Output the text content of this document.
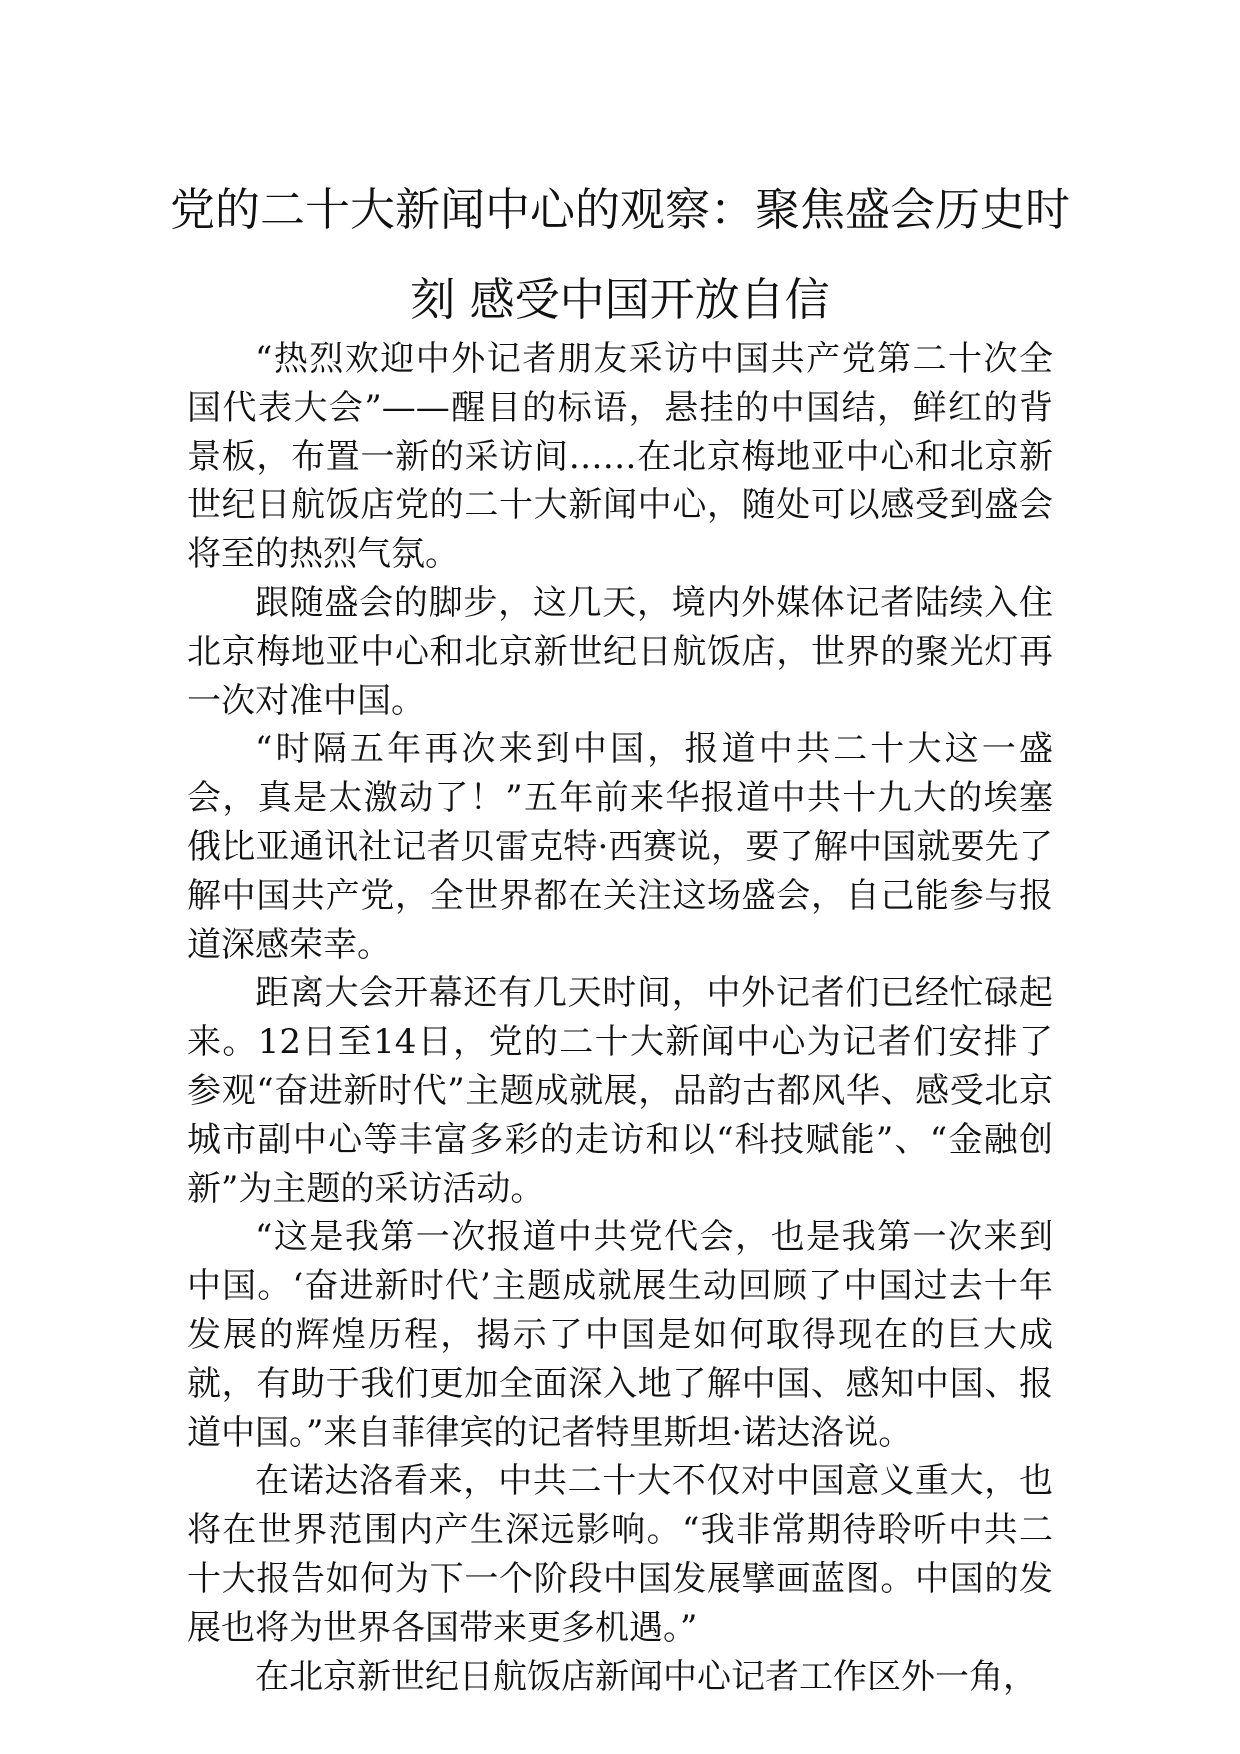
党的二十大新闻中心的观察：聚焦盛会历史时刻 感受中国开放自信

“热烈欢迎中外记者朋友采访中国共产党第二十次全国代表大会”——醒目的标语，悬挂的中国结，鲜红的背景板，布置一新的采访间……在北京梅地亚中心和北京新世纪日航饭店党的二十大新闻中心，随处可以感受到盛会将至的热烈气氛。

跟随盛会的脚步，这几天，境内外媒体记者陆续入住北京梅地亚中心和北京新世纪日航饭店，世界的聚光灯再一次对准中国。

“时隔五年再次来到中国，报道中共二十大这一盛会，真是太激动了！”五年前来华报道中共十九大的埃塞俄比亚通讯社记者贝雷克特·西赛说，要了解中国就要先了解中国共产党，全世界都在关注这场盛会，自己能参与报道深感荣幸。

距离大会开幕还有几天时间，中外记者们已经忙碌起来。12日至14日，党的二十大新闻中心为记者们安排了参观“奋进新时代”主题成就展，品韵古都风华、感受北京城市副中心等丰富多彩的走访和以“科技赋能”、“金融创新”为主题的采访活动。

“这是我第一次报道中共党代会，也是我第一次来到中国。‘奋进新时代’主题成就展生动回顾了中国过去十年发展的辉煌历程，揭示了中国是如何取得现在的巨大成就，有助于我们更加全面深入地了解中国、感知中国、报道中国。”来自菲律宾的记者特里斯坦·诺达洛说。

在诺达洛看来，中共二十大不仅对中国意义重大，也将在世界范围内产生深远影响。“我非常期待聆听中共二十大报告如何为下一个阶段中国发展擘画蓝图。中国的发展也将为世界各国带来更多机遇。”

在北京新世纪日航饭店新闻中心记者工作区外一角，
